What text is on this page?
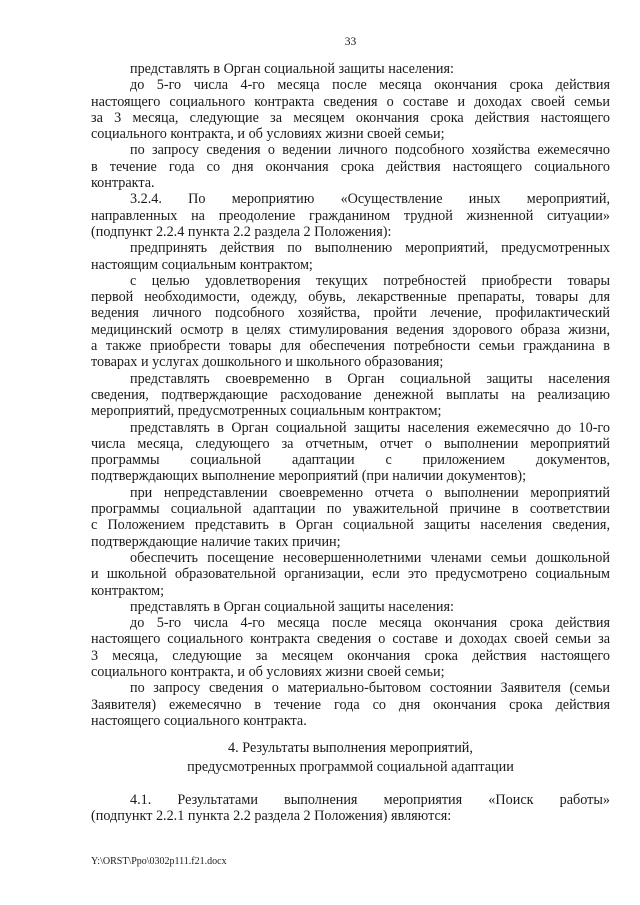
33
представлять в Орган социальной защиты населения:
до 5-го числа 4-го месяца после месяца окончания срока действия
настоящего социального контракта сведения о составе и доходах своей семьи
за 3 месяца, следующие за месяцем окончания срока действия настоящего
социального контракта, и об условиях жизни своей семьи;
по запросу сведения о ведении личного подсобного хозяйства ежемесячно
в течение года со дня окончания срока действия настоящего социального
контракта.
3.2.4. По мероприятию «Осуществление иных мероприятий,
направленных на преодоление гражданином трудной жизненной ситуации»
(подпункт 2.2.4 пункта 2.2 раздела 2 Положения):
предпринять действия по выполнению мероприятий, предусмотренных
настоящим социальным контрактом;
с целью удовлетворения текущих потребностей приобрести товары
первой необходимости, одежду, обувь, лекарственные препараты, товары для
ведения личного подсобного хозяйства, пройти лечение, профилактический
медицинский осмотр в целях стимулирования ведения здорового образа жизни,
а также приобрести товары для обеспечения потребности семьи гражданина в
товарах и услугах дошкольного и школьного образования;
представлять своевременно в Орган социальной защиты населения
сведения, подтверждающие расходование денежной выплаты на реализацию
мероприятий, предусмотренных социальным контрактом;
представлять в Орган социальной защиты населения ежемесячно до 10-го
числа месяца, следующего за отчетным, отчет о выполнении мероприятий
программы социальной адаптации с приложением документов,
подтверждающих выполнение мероприятий (при наличии документов);
при непредставлении своевременно отчета о выполнении мероприятий
программы социальной адаптации по уважительной причине в соответствии
с Положением представить в Орган социальной защиты населения сведения,
подтверждающие наличие таких причин;
обеспечить посещение несовершеннолетними членами семьи дошкольной
и школьной образовательной организации, если это предусмотрено социальным
контрактом;
представлять в Орган социальной защиты населения:
до 5-го числа 4-го месяца после месяца окончания срока действия
настоящего социального контракта сведения о составе и доходах своей семьи за
3 месяца, следующие за месяцем окончания срока действия настоящего
социального контракта, и об условиях жизни своей семьи;
по запросу сведения о материально-бытовом состоянии Заявителя (семьи
Заявителя) ежемесячно в течение года со дня окончания срока действия
настоящего социального контракта.
4. Результаты выполнения мероприятий,
предусмотренных программой социальной адаптации
4.1. Результатами выполнения мероприятия «Поиск работы»
(подпункт 2.2.1 пункта 2.2 раздела 2 Положения) являются:
Y:\ORST\Ppo\0302p111.f21.docx
